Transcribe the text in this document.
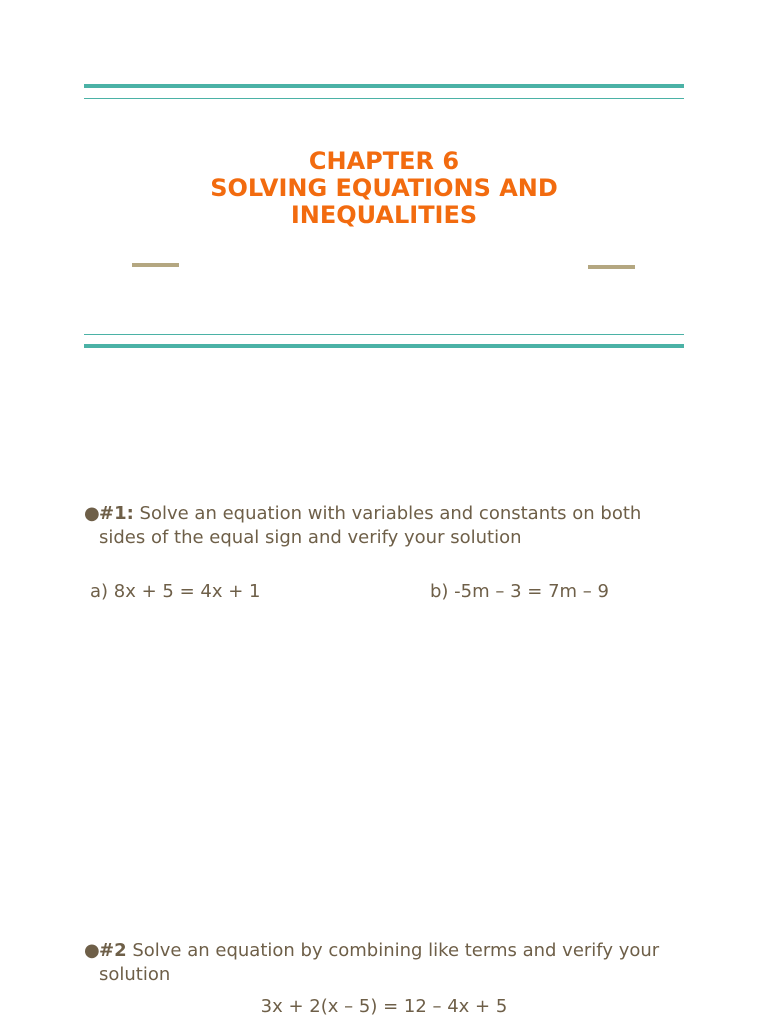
CHAPTER 6
SOLVING EQUATIONS AND
INEQUALITIES
● #1: Solve an equation with variables and constants on both
sides of the equal sign and verify your solution
a) 8x + 5 = 4x + 1	b) -5m – 3 = 7m – 9
● #2 Solve an equation by combining like terms and verify your
solution
3x + 2(x – 5) = 12 – 4x + 5
